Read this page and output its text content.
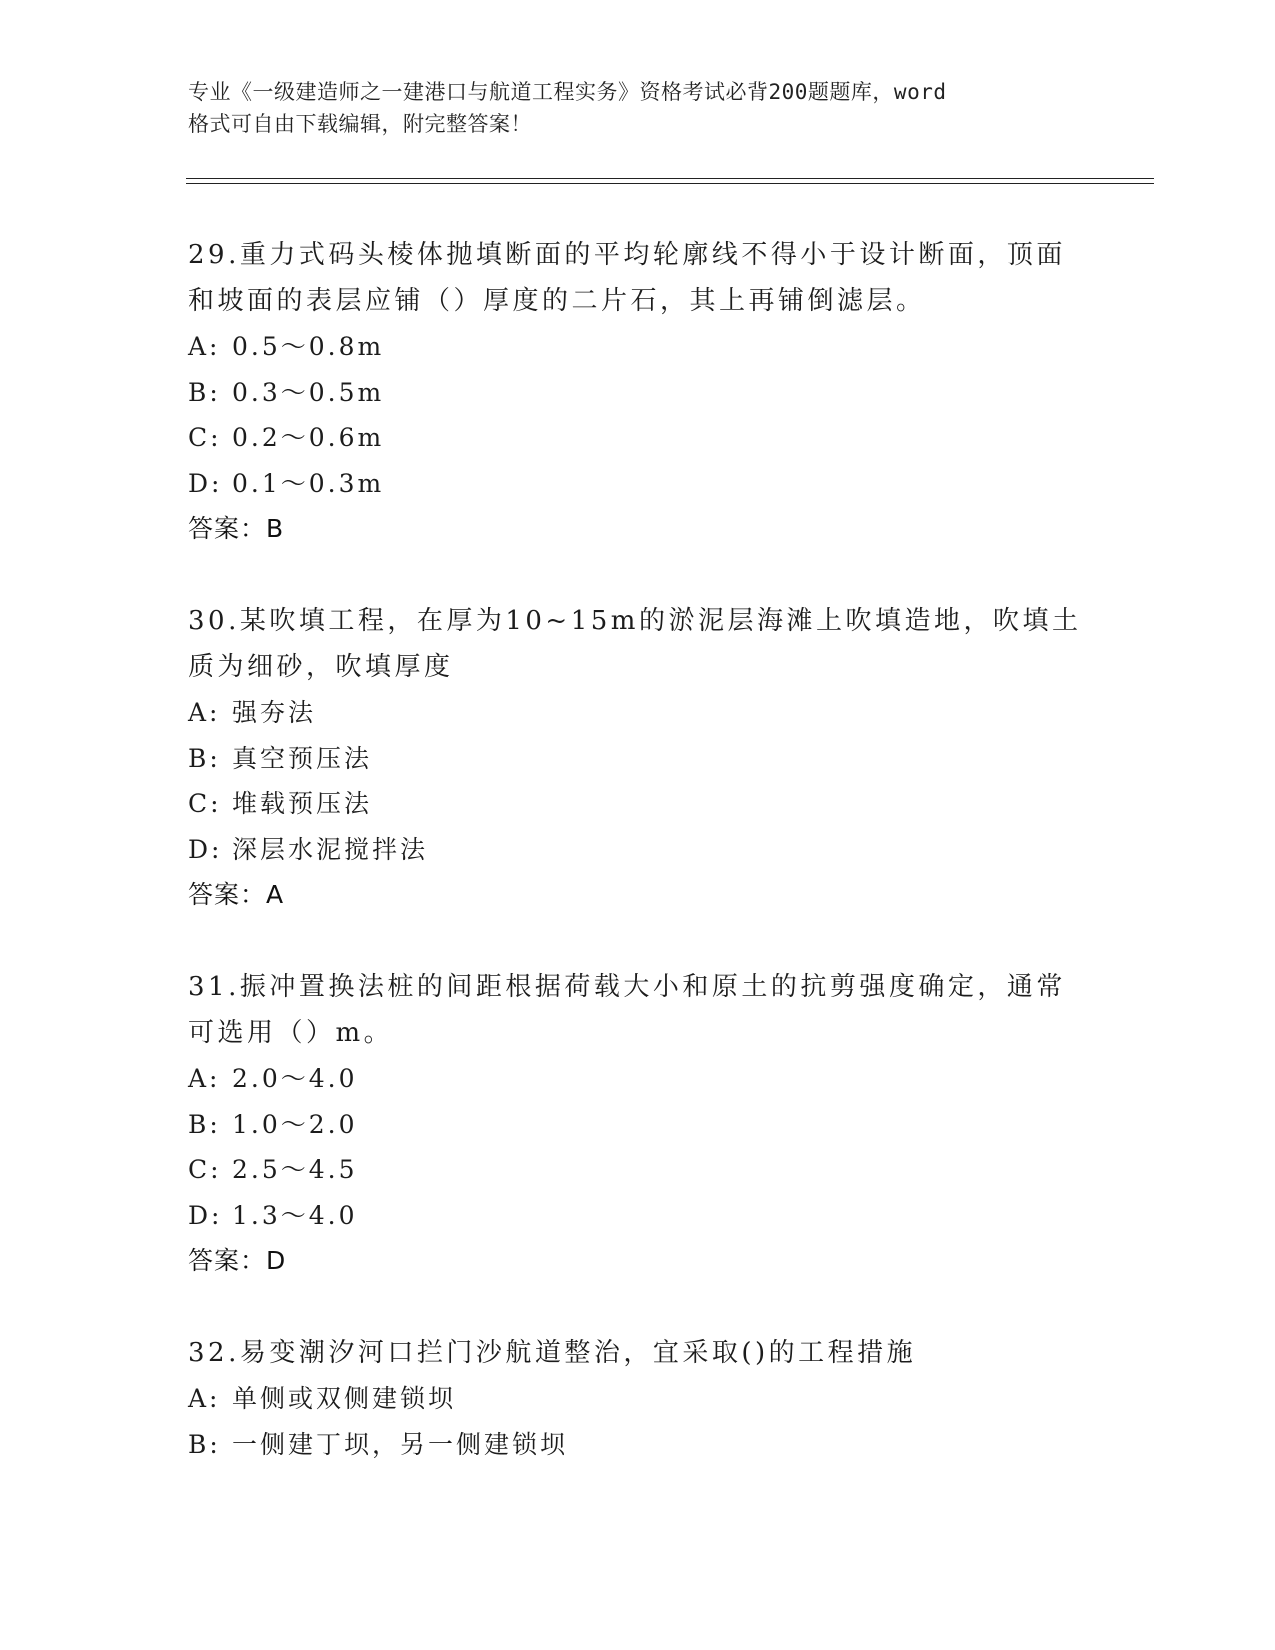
专业《一级建造师之一建港口与航道工程实务》资格考试必背200题题库，word

格式可自由下载编辑，附完整答案！

29.重力式码头棱体抛填断面的平均轮廓线不得小于设计断面，顶面和坡面的表层应铺（）厚度的二片石，其上再铺倒滤层。

A: 0.5～0.8m
B: 0.3～0.5m
C: 0.2～0.6m
D: 0.1～0.3m

答案：B

30.某吹填工程，在厚为10~15m的淤泥层海滩上吹填造地，吹填土质为细砂，吹填厚度

A: 强夯法
B: 真空预压法
C: 堆载预压法
D: 深层水泥搅拌法

答案：A

31.振冲置换法桩的间距根据荷载大小和原土的抗剪强度确定，通常可选用（）m。

A: 2.0～4.0
B: 1.0～2.0
C: 2.5～4.5
D: 1.3～4.0

答案：D

32.易变潮汐河口拦门沙航道整治，宜采取()的工程措施

A: 单侧或双侧建锁坝
B: 一侧建丁坝，另一侧建锁坝
